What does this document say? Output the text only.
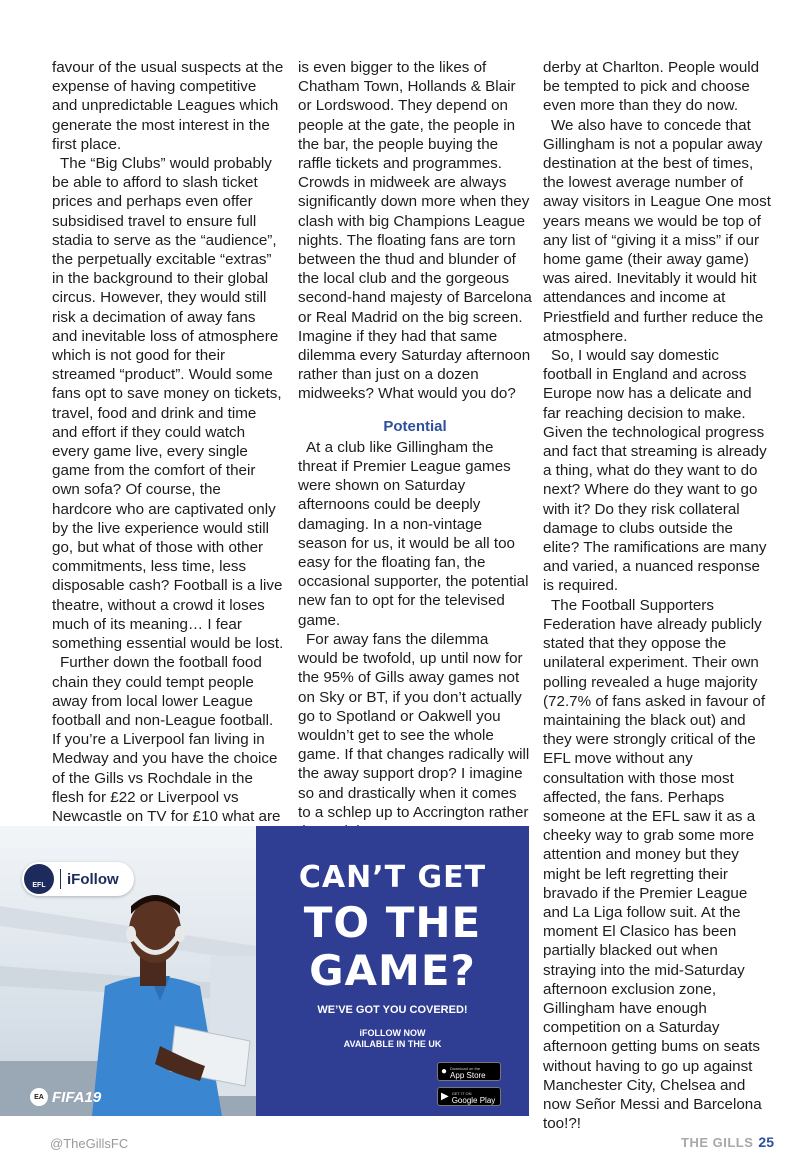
favour of the usual suspects at the expense of having competitive and unpredictable Leagues which generate the most interest in the first place.

The “Big Clubs” would probably be able to afford to slash ticket prices and perhaps even offer subsidised travel to ensure full stadia to serve as the “audience”, the perpetually excitable “extras” in the background to their global circus. However, they would still risk a decimation of away fans and inevitable loss of atmosphere which is not good for their streamed “product”. Would some fans opt to save money on tickets, travel, food and drink and time and effort if they could watch every game live, every single game from the comfort of their own sofa? Of course, the hardcore who are captivated only by the live experience would still go, but what of those with other commitments, less time, less disposable cash? Football is a live theatre, without a crowd it loses much of its meaning… I fear something essential would be lost.

Further down the football food chain they could tempt people away from local lower League football and non-League football. If you’re a Liverpool fan living in Medway and you have the choice of the Gills vs Rochdale in the flesh for £22 or Liverpool vs Newcastle on TV for £10 what are

is even bigger to the likes of Chatham Town, Hollands & Blair or Lordswood. They depend on people at the gate, the people in the bar, the people buying the raffle tickets and programmes. Crowds in midweek are always significantly down more when they clash with big Champions League nights. The floating fans are torn between the thud and blunder of the local club and the gorgeous second-hand majesty of Barcelona or Real Madrid on the big screen. Imagine if they had that same dilemma every Saturday afternoon rather than just on a dozen midweeks? What would you do?

Potential

At a club like Gillingham the threat if Premier League games were shown on Saturday afternoons could be deeply damaging. In a non-vintage season for us, it would be all too easy for the floating fan, the occasional supporter, the potential new fan to opt for the televised game.

For away fans the dilemma would be twofold, up until now for the 95% of Gills away games not on Sky or BT, if you don’t actually go to Spotland or Oakwell you wouldn’t get to see the whole game. If that changes radically will the away support drop? I imagine so and drastically when it comes to a schlep up to Accrington rather

derby at Charlton. People would be tempted to pick and choose even more than they do now.

We also have to concede that Gillingham is not a popular away destination at the best of times, the lowest average number of away visitors in League One most years means we would be top of any list of “giving it a miss” if our home game (their away game) was aired. Inevitably it would hit attendances and income at Priestfield and further reduce the atmosphere.

So, I would say domestic football in England and across Europe now has a delicate and far reaching decision to make. Given the technological progress and fact that streaming is already a thing, what do they want to do next? Where do they want to go with it? Do they risk collateral damage to clubs outside the elite? The ramifications are many and varied, a nuanced response is required.

The Football Supporters Federation have already publicly stated that they oppose the unilateral experiment. Their own polling revealed a huge majority (72.7% of fans asked in favour of maintaining the black out) and they were strongly critical of the EFL move without any consultation with those most affected, the fans. Perhaps someone at the EFL saw it as a cheeky way to grab some more attention and money but they might be left regretting their bravado if the Premier League and La Liga follow suit. At the moment El Clasico has been partially blacked out when straying into the mid-Saturday afternoon exclusion zone, Gillingham have enough competition on a Saturday afternoon getting bums on seats without having to go up against Manchester City, Chelsea and now Señor Messi and Barcelona too!?!

EFL	iFollow	CAN’T GET

TO THE

GAME?

WE’VE GOT YOU COVERED!
iFOLLOW NOW
AVAILABLE IN THE UK
● Download on the
App Store
▶ GET IT ON
Google Play
EA FIFA19
@TheGillsFC	THE GILLS 25
